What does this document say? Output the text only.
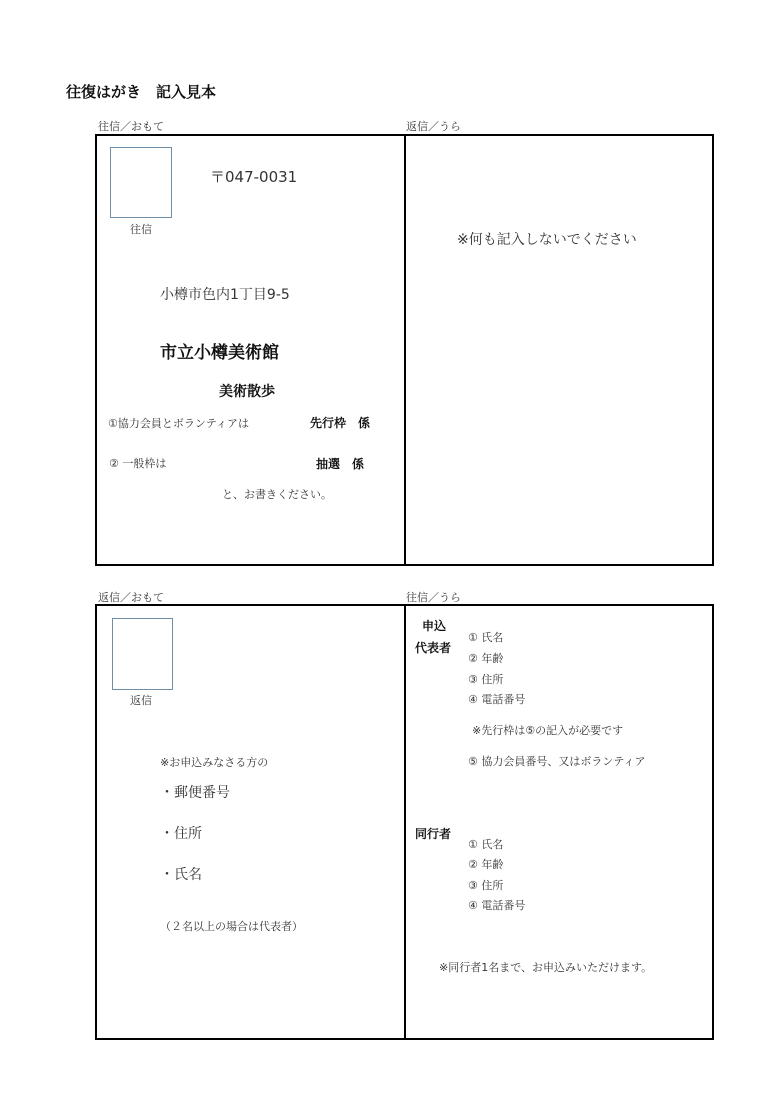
往復はがき　記入見本
往信／おもて	返信／うら
往信
〒047-0031
小樽市色内1丁目9-5
市立小樽美術館
美術散歩
①協力会員とボランティアは	先行枠　係
② 一般枠は	抽選　係
と、お書きください。
※何も記入しないでください
返信／おもて	往信／うら
返信
※お申込みなさる方の
・郵便番号
・住所
・氏名
（２名以上の場合は代表者）
申込
代表者
① 氏名
② 年齢
③ 住所
④ 電話番号
※先行枠は⑤の記入が必要です
⑤ 協力会員番号、又はボランティア
同行者
① 氏名
② 年齢
③ 住所
④ 電話番号
※同行者1名まで、お申込みいただけます。
